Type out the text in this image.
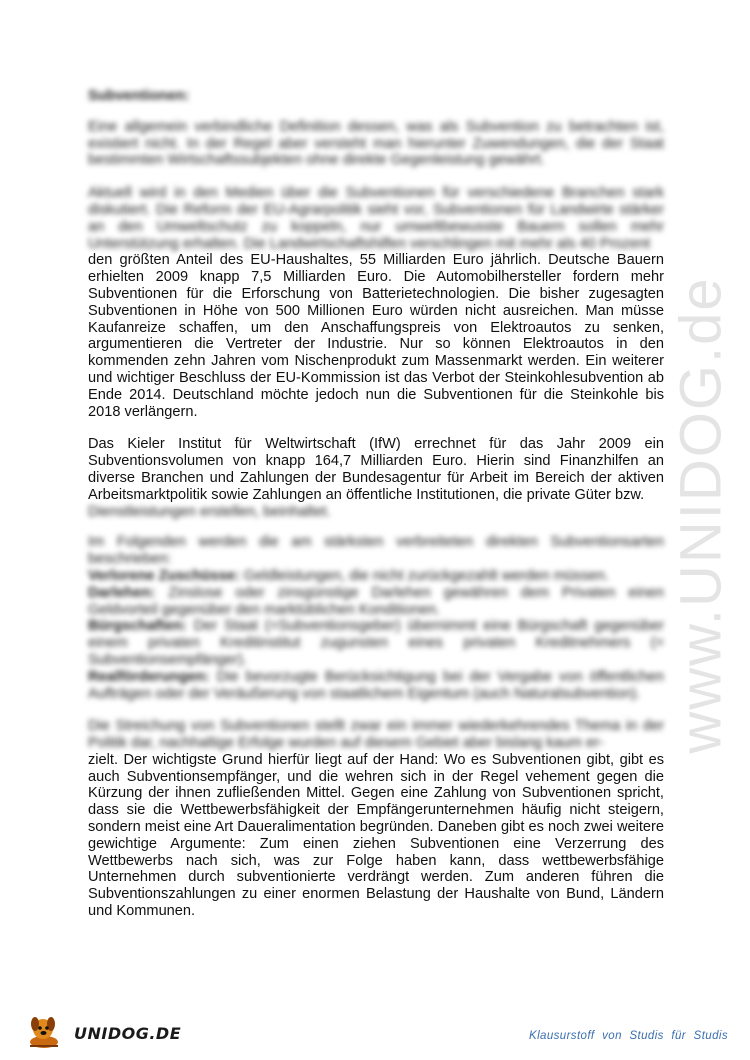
www.UNIDOG.de

Subventionen:

Eine allgemein verbindliche Definition dessen, was als Subvention zu betrachten ist, existiert nicht. In der Regel aber versteht man hierunter Zuwendungen, die der Staat bestimmten Wirtschaftssubjekten ohne direkte Gegenleistung gewährt.

Aktuell wird in den Medien über die Subventionen für verschiedene Branchen stark diskutiert. Die Reform der EU-Agrarpolitik sieht vor, Subventionen für Landwirte stärker an den Umweltschutz zu koppeln, nur umweltbewusste Bauern sollen mehr Unterstützung erhalten. Die Landwirtschaftshilfen verschlingen mit mehr als 40 Prozent

den größten Anteil des EU-Haushaltes, 55 Milliarden Euro jährlich. Deutsche Bauern erhielten 2009 knapp 7,5 Milliarden Euro. Die Automobilhersteller fordern mehr Subventionen für die Erforschung von Batterietechnologien. Die bisher zugesagten Subventionen in Höhe von 500 Millionen Euro würden nicht ausreichen. Man müsse Kaufanreize schaffen, um den Anschaffungspreis von Elektroautos zu senken, argumentieren die Vertreter der Industrie. Nur so können Elektroautos in den kommenden zehn Jahren vom Nischenprodukt zum Massenmarkt werden. Ein weiterer und wichtiger Beschluss der EU-Kommission ist das Verbot der Steinkohlesubvention ab Ende 2014. Deutschland möchte jedoch nun die Subventionen für die Steinkohle bis 2018 verlängern.

Das Kieler Institut für Weltwirtschaft (IfW) errechnet für das Jahr 2009 ein Subventionsvolumen von knapp 164,7 Milliarden Euro. Hierin sind Finanzhilfen an diverse Branchen und Zahlungen der Bundesagentur für Arbeit im Bereich der aktiven Arbeitsmarktpolitik sowie Zahlungen an öffentliche Institutionen, die private Güter bzw.

Dienstleistungen erstellen, beinhaltet.

Im Folgenden werden die am stärksten verbreiteten direkten Subventionsarten beschrieben:

Verlorene Zuschüsse: Geldleistungen, die nicht zurückgezahlt werden müssen.

Darlehen: Zinslose oder zinsgünstige Darlehen gewähren dem Privaten einen Geldvorteil gegenüber den marktüblichen Konditionen.

Bürgschaften: Der Staat (=Subventionsgeber) übernimmt eine Bürgschaft gegenüber einem privaten Kreditinstitut zugunsten eines privaten Kreditnehmers (= Subventionsempfänger).

Realförderungen: Die bevorzugte Berücksichtigung bei der Vergabe von öffentlichen Aufträgen oder der Veräußerung von staatlichem Eigentum (auch Naturalsubvention).

Die Streichung von Subventionen stellt zwar ein immer wiederkehrendes Thema in der Politik dar, nachhaltige Erfolge wurden auf diesem Gebiet aber bislang kaum er-

zielt. Der wichtigste Grund hierfür liegt auf der Hand: Wo es Subventionen gibt, gibt es auch Subventionsempfänger, und die wehren sich in der Regel vehement gegen die Kürzung der ihnen zufließenden Mittel. Gegen eine Zahlung von Subventionen spricht, dass sie die Wettbewerbsfähigkeit der Empfängerunternehmen häufig nicht steigern, sondern meist eine Art Daueralimentation begründen. Daneben gibt es noch zwei weitere gewichtige Argumente: Zum einen ziehen Subventionen eine Verzerrung des Wettbewerbs nach sich, was zur Folge haben kann, dass wettbewerbsfähige Unternehmen durch subventionierte verdrängt werden. Zum anderen führen die Subventionszahlungen zu einer enormen Belastung der Haushalte von Bund, Ländern und Kommunen.

UNIDOG.DE	Klausurstoff von Studis für Studis
